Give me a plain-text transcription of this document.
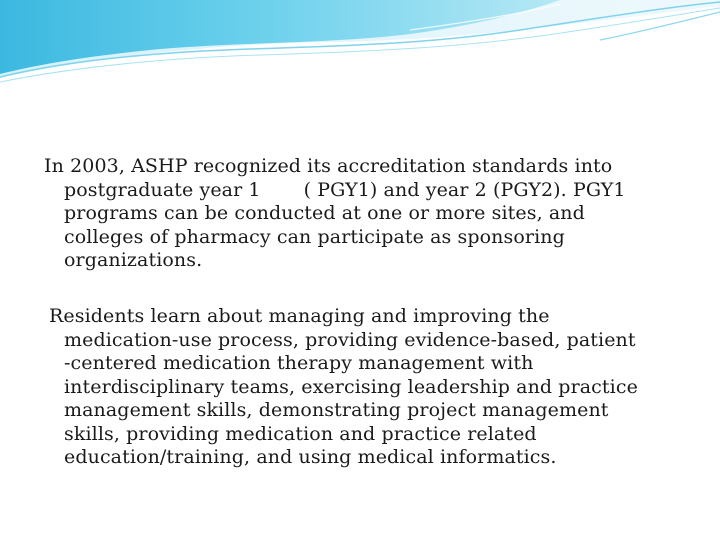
In 2003, ASHP recognized its accreditation standards into
postgraduate year 1       ( PGY1) and year 2 (PGY2). PGY1
programs can be conducted at one or more sites, and
colleges of pharmacy can participate as sponsoring
organizations.

Residents learn about managing and improving the
medication-use process, providing evidence-based, patient
-centered medication therapy management with
interdisciplinary teams, exercising leadership and practice
management skills, demonstrating project management
skills, providing medication and practice related
education/training, and using medical informatics.
